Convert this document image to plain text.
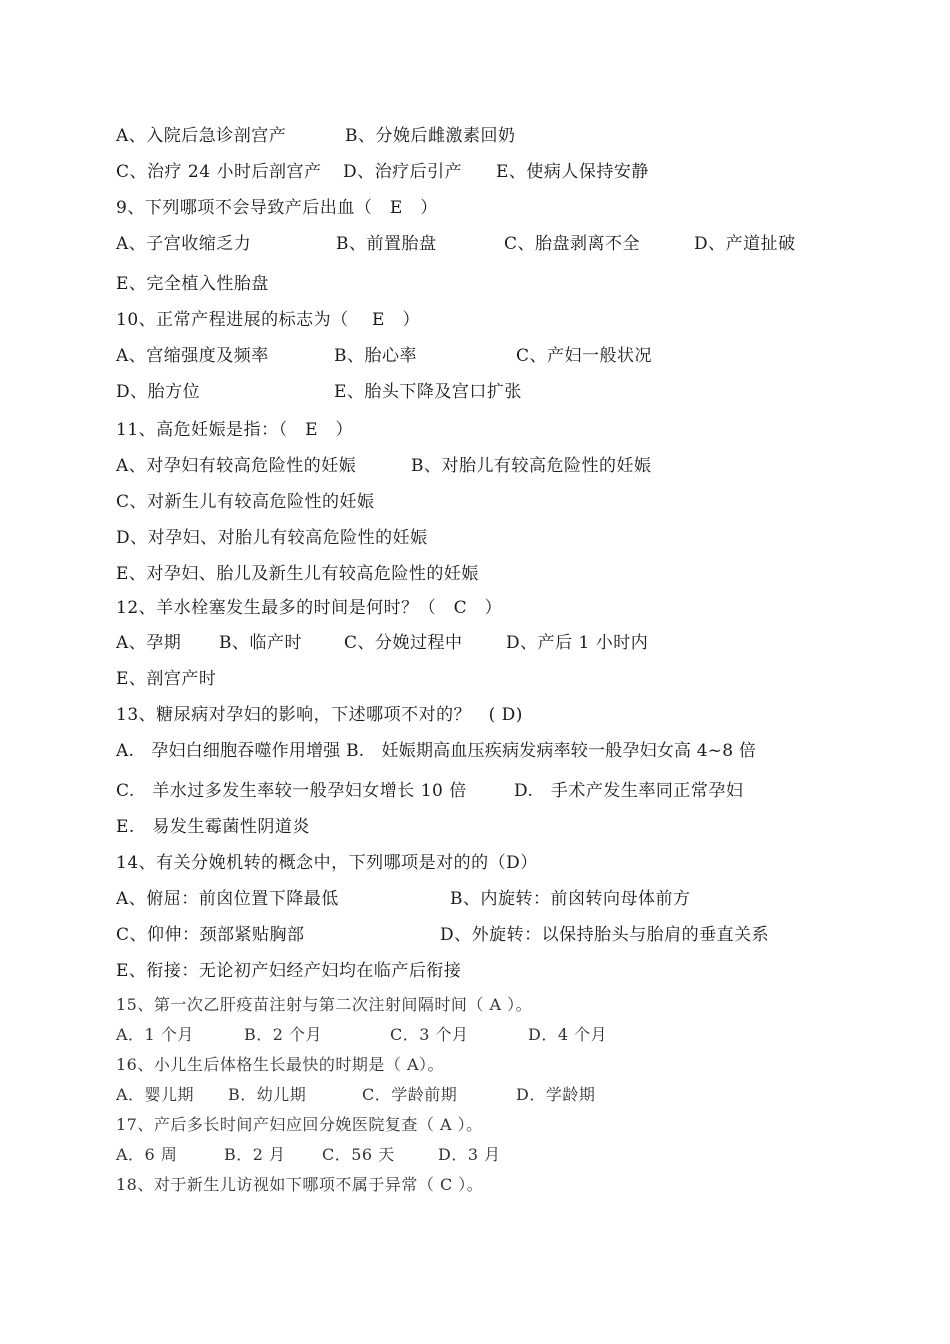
A、入院后急诊剖宫产	B、分娩后雌激素回奶
C、治疗 24 小时后剖宫产 D、治疗后引产 E、使病人保持安静
9、下列哪项不会导致产后出血（　E　）
A、子宫收缩乏力	B、前置胎盘	C、胎盘剥离不全	D、产道扯破
E、完全植入性胎盘
10、正常产程进展的标志为（　 E　）
A、宫缩强度及频率	B、胎心率	C、产妇一般状况
D、胎方位	E、胎头下降及宫口扩张
11、高危妊娠是指：（　E　）
A、对孕妇有较高危险性的妊娠	B、对胎儿有较高危险性的妊娠
C、对新生儿有较高危险性的妊娠
D、对孕妇、对胎儿有较高危险性的妊娠
E、对孕妇、胎儿及新生儿有较高危险性的妊娠
12、羊水栓塞发生最多的时间是何时？（　C　）
A、孕期 B、临产时 C、分娩过程中	D、产后 1 小时内
E、剖宫产时
13、糖尿病对孕妇的影响，下述哪项不对的？　( D)
A.　孕妇白细胞吞噬作用增强 B.　妊娠期高血压疾病发病率较一般孕妇女高 4~8 倍
C.　羊水过多发生率较一般孕妇女增长 10 倍	D.　手术产发生率同正常孕妇
E.　易发生霉菌性阴道炎
14、有关分娩机转的概念中，下列哪项是对的的（D）
A、俯屈：前囟位置下降最低	B、内旋转：前囟转向母体前方
C、仰伸：颈部紧贴胸部	D、外旋转：以保持胎头与胎肩的垂直关系
E、衔接：无论初产妇经产妇均在临产后衔接
15、第一次乙肝疫苗注射与第二次注射间隔时间（ A ）。
A．1 个月	B．2 个月	C．3 个月	D．4 个月
16、小儿生后体格生长最快的时期是（ A）。
A．婴儿期 B．幼儿期	C．学龄前期	D．学龄期
17、产后多长时间产妇应回分娩医院复查（ A ）。
A．6 周	B．2 月 C．56 天	D．3 月
18、对于新生儿访视如下哪项不属于异常（ C ）。
